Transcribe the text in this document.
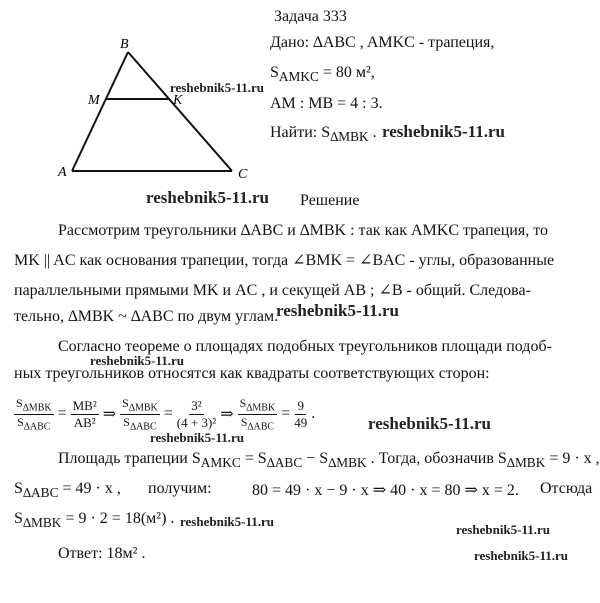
Задача 333
Дано: ∆ABC , AMKC - трапеция,
$S_{AMKC} = 80$ м²,
AM : MB = 4 : 3.
Найти: $S_{\Delta MBK}$ .
B
M	K
A	C
reshebnik5-11.ru
reshebnik5-11.ru
reshebnik5-11.ru
reshebnik5-11.ru
reshebnik5-11.ru
reshebnik5-11.ru
reshebnik5-11.ru
reshebnik5-11.ru
reshebnik5-11.ru
reshebnik5-11.ru
Решение
Рассмотрим треугольники ∆ABC и ∆MBK : так как AMKC трапеция, то
MK || AC как основания трапеции, тогда ∠BMK = ∠BAC - углы, образованные
параллельными прямыми MK и AC , и секущей AB ; ∠B - общий. Следова-
тельно, ∆MBK ~ ∆ABC по двум углам.
Согласно теореме о площадях подобных треугольников площади подоб-
ных треугольников относятся как квадраты соответствующих сторон:
$S_{\Delta MBK}$
$S_{\Delta ABC}$
= $\frac{\text{MB²}}{\text{AB²}}$ ⇒
$S_{\Delta MBK}$
$S_{\Delta ABC}$
= $\frac{\text{3²}}{\text{(4 + 3)²}}$ ⇒
$S_{\Delta MBK}$
$S_{\Delta ABC}$
= $\frac{9}{49}$ .
Площадь трапеции $S_{AMKC} = S_{\Delta ABC} - S_{\Delta MBK}$ . Тогда, обозначив $S_{\Delta MBK} = 9 \cdot x$ ,
$S_{\Delta ABC} = 49 \cdot x$ , получим:	80 = 49 · x − 9 · x ⇒ 40 · x = 80 ⇒ x = 2. Отсюда
$S_{\Delta MBK} = 9 \cdot 2 = 18(м^2)$ .
Ответ: 18м² .
